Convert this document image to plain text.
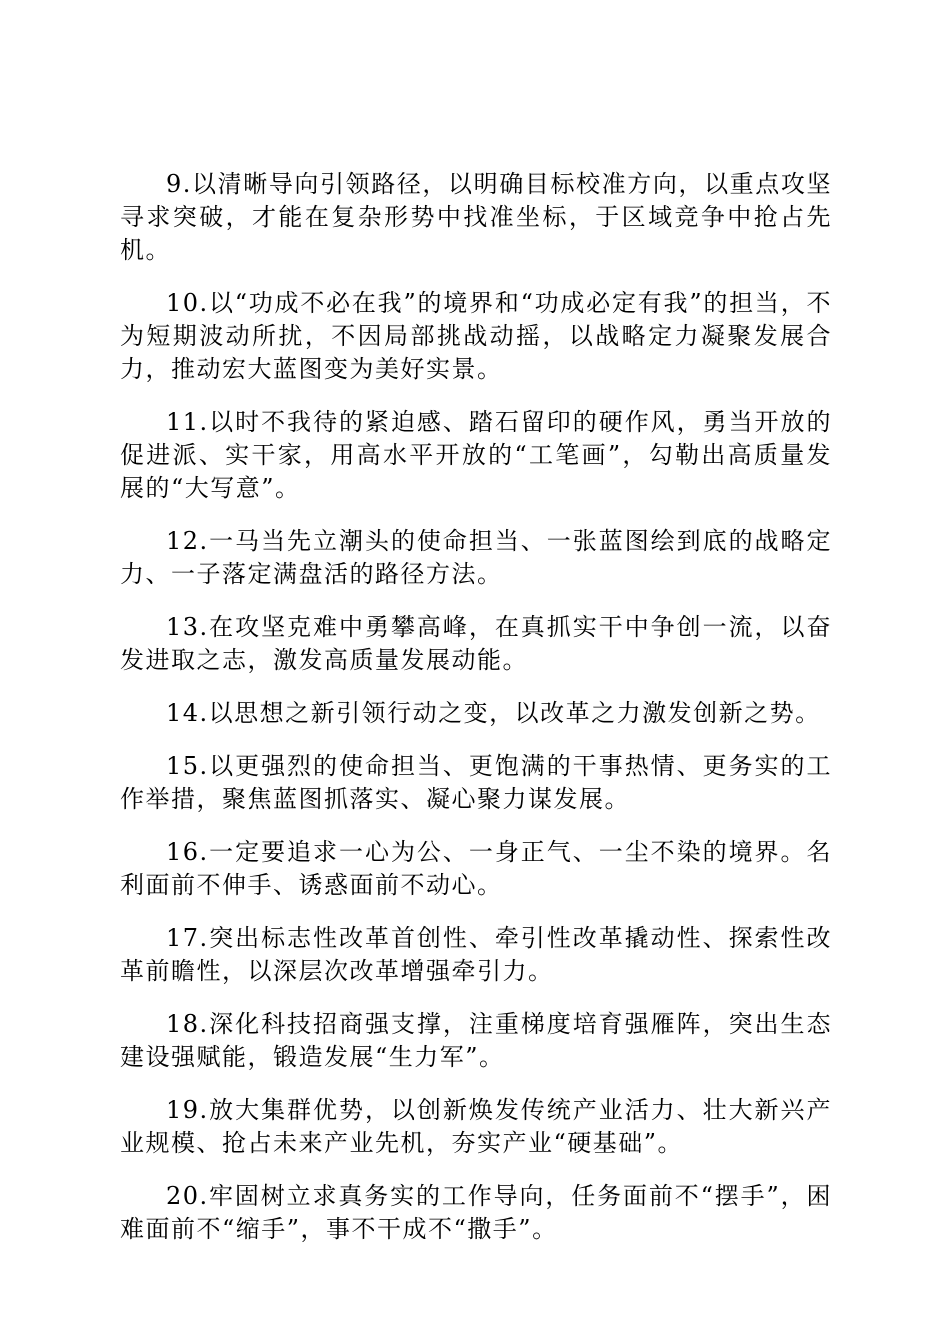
9.以清晰导向引领路径，以明确目标校准方向，以重点攻坚寻求突破，才能在复杂形势中找准坐标，于区域竞争中抢占先机。

10.以“功成不必在我”的境界和“功成必定有我”的担当，不为短期波动所扰，不因局部挑战动摇，以战略定力凝聚发展合力，推动宏大蓝图变为美好实景。

11.以时不我待的紧迫感、踏石留印的硬作风，勇当开放的促进派、实干家，用高水平开放的“工笔画”，勾勒出高质量发展的“大写意”。

12.一马当先立潮头的使命担当、一张蓝图绘到底的战略定力、一子落定满盘活的路径方法。

13.在攻坚克难中勇攀高峰，在真抓实干中争创一流，以奋发进取之志，激发高质量发展动能。

14.以思想之新引领行动之变，以改革之力激发创新之势。

15.以更强烈的使命担当、更饱满的干事热情、更务实的工作举措，聚焦蓝图抓落实、凝心聚力谋发展。

16.一定要追求一心为公、一身正气、一尘不染的境界。名利面前不伸手、诱惑面前不动心。

17.突出标志性改革首创性、牵引性改革撬动性、探索性改革前瞻性，以深层次改革增强牵引力。

18.深化科技招商强支撑，注重梯度培育强雁阵，突出生态建设强赋能，锻造发展“生力军”。

19.放大集群优势，以创新焕发传统产业活力、壮大新兴产业规模、抢占未来产业先机，夯实产业“硬基础”。

20.牢固树立求真务实的工作导向，任务面前不“摆手”，困难面前不“缩手”，事不干成不“撒手”。
